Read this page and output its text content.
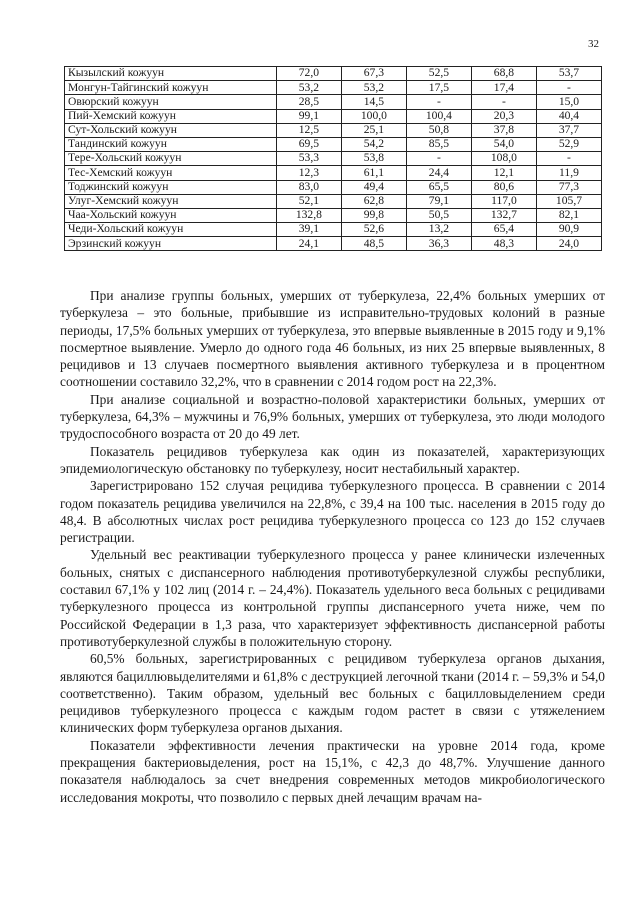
32
Кызылский кожуун	72,0	67,3	52,5	68,8	53,7
Монгун-Тайгинский кожуун	53,2	53,2	17,5	17,4	-
Овюрский кожуун	28,5	14,5	-	-	15,0
Пий-Хемский кожуун	99,1	100,0	100,4	20,3	40,4
Сут-Хольский кожуун	12,5	25,1	50,8	37,8	37,7
Тандинский кожуун	69,5	54,2	85,5	54,0	52,9
Тере-Хольский кожуун	53,3	53,8	-	108,0	-
Тес-Хемский кожуун	12,3	61,1	24,4	12,1	11,9
Тоджинский кожуун	83,0	49,4	65,5	80,6	77,3
Улуг-Хемский кожуун	52,1	62,8	79,1	117,0	105,7
Чаа-Хольский кожуун	132,8	99,8	50,5	132,7	82,1
Чеди-Хольский кожуун	39,1	52,6	13,2	65,4	90,9
Эрзинский кожуун	24,1	48,5	36,3	48,3	24,0

При анализе группы больных, умерших от туберкулеза, 22,4% больных умерших от туберкулеза – это больные, прибывшие из исправительно-трудовых колоний в разные периоды, 17,5% больных умерших от туберкулеза, это впервые выявленные в 2015 году и 9,1% посмертное выявление. Умерло до одного года 46 больных, из них 25 впервые выявленных, 8 рецидивов и 13 случаев посмертного выявления активного туберкулеза и в процентном соотношении составило 32,2%, что в сравнении с 2014 годом рост на 22,3%.

При анализе социальной и возрастно-половой характеристики больных, умерших от туберкулеза, 64,3% – мужчины и 76,9% больных, умерших от туберкулеза, это люди молодого трудоспособного возраста от 20 до 49 лет.

Показатель рецидивов туберкулеза как один из показателей, характеризующих эпидемиологическую обстановку по туберкулезу, носит нестабильный характер.

Зарегистрировано 152 случая рецидива туберкулезного процесса. В сравнении с 2014 годом показатель рецидива увеличился на 22,8%, с 39,4 на 100 тыс. населения в 2015 году до 48,4. В абсолютных числах рост рецидива туберкулезного процесса со 123 до 152 случаев регистрации.

Удельный вес реактивации туберкулезного процесса у ранее клинически излеченных больных, снятых с диспансерного наблюдения противотуберкулезной службы республики, составил 67,1% у 102 лиц (2014 г. – 24,4%). Показатель удельного веса больных с рецидивами туберкулезного процесса из контрольной группы диспансерного учета ниже, чем по Российской Федерации в 1,3 раза, что характеризует эффективность диспансерной работы противотуберкулезной службы в положительную сторону.

60,5% больных, зарегистрированных с рецидивом туберкулеза органов дыхания, являются бациллювыделителями и 61,8% с деструкцией легочной ткани (2014 г. – 59,3% и 54,0 соответственно). Таким образом, удельный вес больных с бацилловыделением среди рецидивов туберкулезного процесса с каждым годом растет в связи с утяжелением клинических форм туберкулеза органов дыхания.

Показатели эффективности лечения практически на уровне 2014 года, кроме прекращения бактериовыделения, рост на 15,1%, с 42,3 до 48,7%. Улучшение данного показателя наблюдалось за счет внедрения современных методов микробиологического исследования мокроты, что позволило с первых дней лечащим врачам на-
